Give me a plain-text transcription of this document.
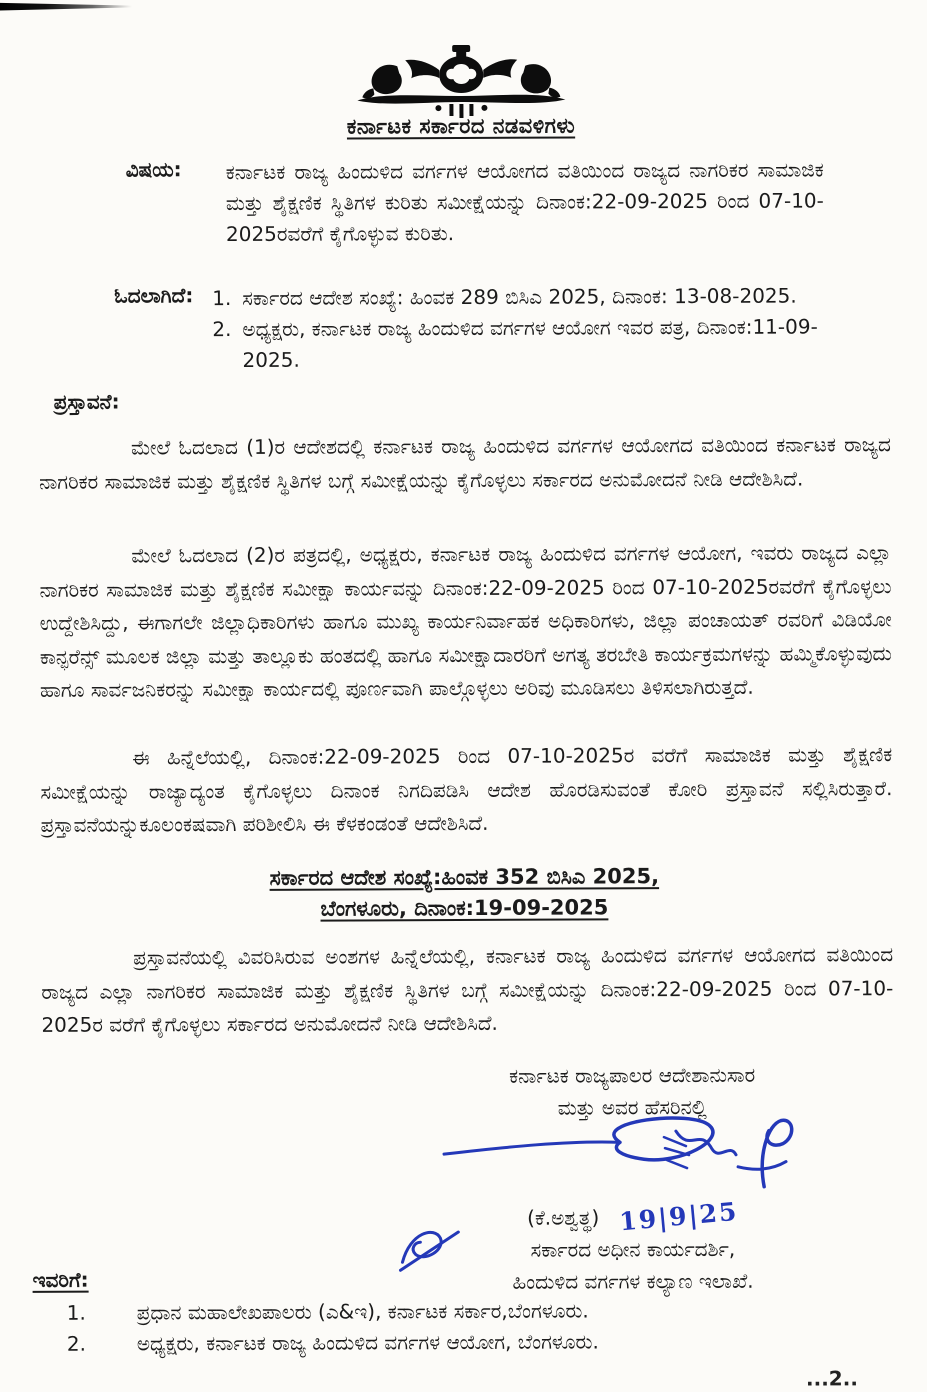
ಕರ್ನಾಟಕ ಸರ್ಕಾರದ ನಡವಳಿಗಳು
ವಿಷಯ:	ಕರ್ನಾಟಕ ರಾಜ್ಯ ಹಿಂದುಳಿದ ವರ್ಗಗಳ ಆಯೋಗದ ವತಿಯಿಂದ ರಾಜ್ಯದ ನಾಗರಿಕರ ಸಾಮಾಜಿಕ ಮತ್ತು ಶೈಕ್ಷಣಿಕ ಸ್ಥಿತಿಗಳ ಕುರಿತು ಸಮೀಕ್ಷೆಯನ್ನು ದಿನಾಂಕ:22-09-2025 ರಿಂದ 07-10-2025ರವರೆಗೆ ಕೈಗೊಳ್ಳುವ ಕುರಿತು.
ಓದಲಾಗಿದೆ: 1. ಸರ್ಕಾರದ ಆದೇಶ ಸಂಖ್ಯೆ: ಹಿಂವಕ 289 ಬಿಸಿಎ 2025, ದಿನಾಂಕ: 13-08-2025.
2. ಅಧ್ಯಕ್ಷರು, ಕರ್ನಾಟಕ ರಾಜ್ಯ ಹಿಂದುಳಿದ ವರ್ಗಗಳ ಆಯೋಗ ಇವರ ಪತ್ರ, ದಿನಾಂಕ:11-09-2025.
ಪ್ರಸ್ತಾವನೆ:

ಮೇಲೆ ಓದಲಾದ (1)ರ ಆದೇಶದಲ್ಲಿ ಕರ್ನಾಟಕ ರಾಜ್ಯ ಹಿಂದುಳಿದ ವರ್ಗಗಳ ಆಯೋಗದ ವತಿಯಿಂದ ಕರ್ನಾಟಕ ರಾಜ್ಯದ ನಾಗರಿಕರ ಸಾಮಾಜಿಕ ಮತ್ತು ಶೈಕ್ಷಣಿಕ ಸ್ಥಿತಿಗಳ ಬಗ್ಗೆ ಸಮೀಕ್ಷೆಯನ್ನು ಕೈಗೊಳ್ಳಲು ಸರ್ಕಾರದ ಅನುಮೋದನೆ ನೀಡಿ ಆದೇಶಿಸಿದೆ.

ಮೇಲೆ ಓದಲಾದ (2)ರ ಪತ್ರದಲ್ಲಿ, ಅಧ್ಯಕ್ಷರು, ಕರ್ನಾಟಕ ರಾಜ್ಯ ಹಿಂದುಳಿದ ವರ್ಗಗಳ ಆಯೋಗ, ಇವರು ರಾಜ್ಯದ ಎಲ್ಲಾ ನಾಗರಿಕರ ಸಾಮಾಜಿಕ ಮತ್ತು ಶೈಕ್ಷಣಿಕ ಸಮೀಕ್ಷಾ ಕಾರ್ಯವನ್ನು ದಿನಾಂಕ:22-09-2025 ರಿಂದ 07-10-2025ರವರೆಗೆ ಕೈಗೊಳ್ಳಲು ಉದ್ದೇಶಿಸಿದ್ದು, ಈಗಾಗಲೇ ಜಿಲ್ಲಾಧಿಕಾರಿಗಳು ಹಾಗೂ ಮುಖ್ಯ ಕಾರ್ಯನಿರ್ವಾಹಕ ಅಧಿಕಾರಿಗಳು, ಜಿಲ್ಲಾ ಪಂಚಾಯತ್ ರವರಿಗೆ ವಿಡಿಯೋ ಕಾನ್ಫರೆನ್ಸ್ ಮೂಲಕ ಜಿಲ್ಲಾ ಮತ್ತು ತಾಲ್ಲೂಕು ಹಂತದಲ್ಲಿ ಹಾಗೂ ಸಮೀಕ್ಷಾದಾರರಿಗೆ ಅಗತ್ಯ ತರಬೇತಿ ಕಾರ್ಯಕ್ರಮಗಳನ್ನು ಹಮ್ಮಿಕೊಳ್ಳುವುದು ಹಾಗೂ ಸಾರ್ವಜನಿಕರನ್ನು ಸಮೀಕ್ಷಾ ಕಾರ್ಯದಲ್ಲಿ ಪೂರ್ಣವಾಗಿ ಪಾಲ್ಗೊಳ್ಳಲು ಅರಿವು ಮೂಡಿಸಲು ತಿಳಿಸಲಾಗಿರುತ್ತದೆ.

ಈ ಹಿನ್ನೆಲೆಯಲ್ಲಿ, ದಿನಾಂಕ:22-09-2025 ರಿಂದ 07-10-2025ರ ವರೆಗೆ ಸಾಮಾಜಿಕ ಮತ್ತು ಶೈಕ್ಷಣಿಕ ಸಮೀಕ್ಷೆಯನ್ನು ರಾಜ್ಯಾದ್ಯಂತ ಕೈಗೊಳ್ಳಲು ದಿನಾಂಕ ನಿಗದಿಪಡಿಸಿ ಆದೇಶ ಹೊರಡಿಸುವಂತೆ ಕೋರಿ ಪ್ರಸ್ತಾವನೆ ಸಲ್ಲಿಸಿರುತ್ತಾರೆ. ಪ್ರಸ್ತಾವನೆಯನ್ನುಕೂಲಂಕಷವಾಗಿ ಪರಿಶೀಲಿಸಿ ಈ ಕೆಳಕಂಡಂತೆ ಆದೇಶಿಸಿದೆ.

ಸರ್ಕಾರದ ಆದೇಶ ಸಂಖ್ಯೆ:ಹಿಂವಕ 352 ಬಿಸಿಎ 2025,
ಬೆಂಗಳೂರು, ದಿನಾಂಕ:19-09-2025

ಪ್ರಸ್ತಾವನೆಯಲ್ಲಿ ವಿವರಿಸಿರುವ ಅಂಶಗಳ ಹಿನ್ನೆಲೆಯಲ್ಲಿ, ಕರ್ನಾಟಕ ರಾಜ್ಯ ಹಿಂದುಳಿದ ವರ್ಗಗಳ ಆಯೋಗದ ವತಿಯಿಂದ ರಾಜ್ಯದ ಎಲ್ಲಾ ನಾಗರಿಕರ ಸಾಮಾಜಿಕ ಮತ್ತು ಶೈಕ್ಷಣಿಕ ಸ್ಥಿತಿಗಳ ಬಗ್ಗೆ ಸಮೀಕ್ಷೆಯನ್ನು ದಿನಾಂಕ:22-09-2025 ರಿಂದ 07-10-2025ರ ವರೆಗೆ ಕೈಗೊಳ್ಳಲು ಸರ್ಕಾರದ ಅನುಮೋದನೆ ನೀಡಿ ಆದೇಶಿಸಿದೆ.

ಕರ್ನಾಟಕ ರಾಜ್ಯಪಾಲರ ಆದೇಶಾನುಸಾರ
ಮತ್ತು ಅವರ ಹೆಸರಿನಲ್ಲಿ
(ಕೆ.ಅಶ್ವತ್ಥ) 19|9|25
ಸರ್ಕಾರದ ಅಧೀನ ಕಾರ್ಯದರ್ಶಿ,
ಹಿಂದುಳಿದ ವರ್ಗಗಳ ಕಲ್ಯಾಣ ಇಲಾಖೆ.
ಇವರಿಗೆ:
1.	ಪ್ರಧಾನ ಮಹಾಲೇಖಪಾಲರು (ಎ&ಇ), ಕರ್ನಾಟಕ ಸರ್ಕಾರ,ಬೆಂಗಳೂರು.
2.	ಅಧ್ಯಕ್ಷರು, ಕರ್ನಾಟಕ ರಾಜ್ಯ ಹಿಂದುಳಿದ ವರ್ಗಗಳ ಆಯೋಗ, ಬೆಂಗಳೂರು.
...2..
